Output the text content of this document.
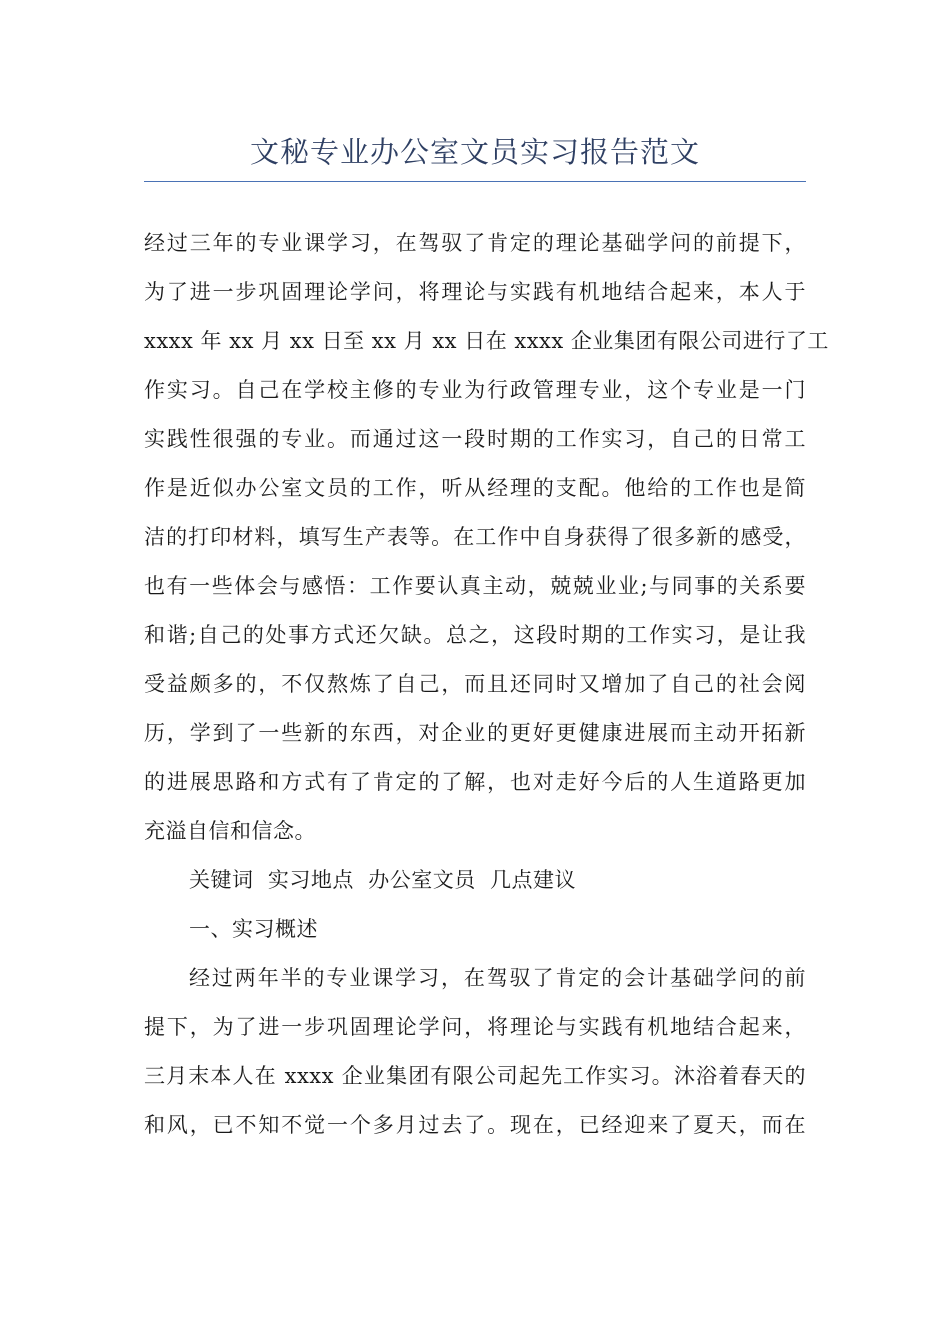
文秘专业办公室文员实习报告范文
经过三年的专业课学习，在驾驭了肯定的理论基础学问的前提下，
为了进一步巩固理论学问，将理论与实践有机地结合起来，本人于
xxxx 年 xx 月 xx 日至 xx 月 xx 日在 xxxx 企业集团有限公司进行了工
作实习。自己在学校主修的专业为行政管理专业，这个专业是一门
实践性很强的专业。而通过这一段时期的工作实习，自己的日常工
作是近似办公室文员的工作，听从经理的支配。他给的工作也是简
洁的打印材料，填写生产表等。在工作中自身获得了很多新的感受，
也有一些体会与感悟：工作要认真主动，兢兢业业;与同事的关系要
和谐;自己的处事方式还欠缺。总之，这段时期的工作实习，是让我
受益颇多的，不仅熬炼了自己，而且还同时又增加了自己的社会阅
历，学到了一些新的东西，对企业的更好更健康进展而主动开拓新
的进展思路和方式有了肯定的了解，也对走好今后的人生道路更加
充溢自信和信念。
关键词  实习地点  办公室文员  几点建议
一、实习概述
经过两年半的专业课学习，在驾驭了肯定的会计基础学问的前
提下，为了进一步巩固理论学问，将理论与实践有机地结合起来，
三月末本人在 xxxx 企业集团有限公司起先工作实习。沐浴着春天的
和风，已不知不觉一个多月过去了。现在，已经迎来了夏天，而在
